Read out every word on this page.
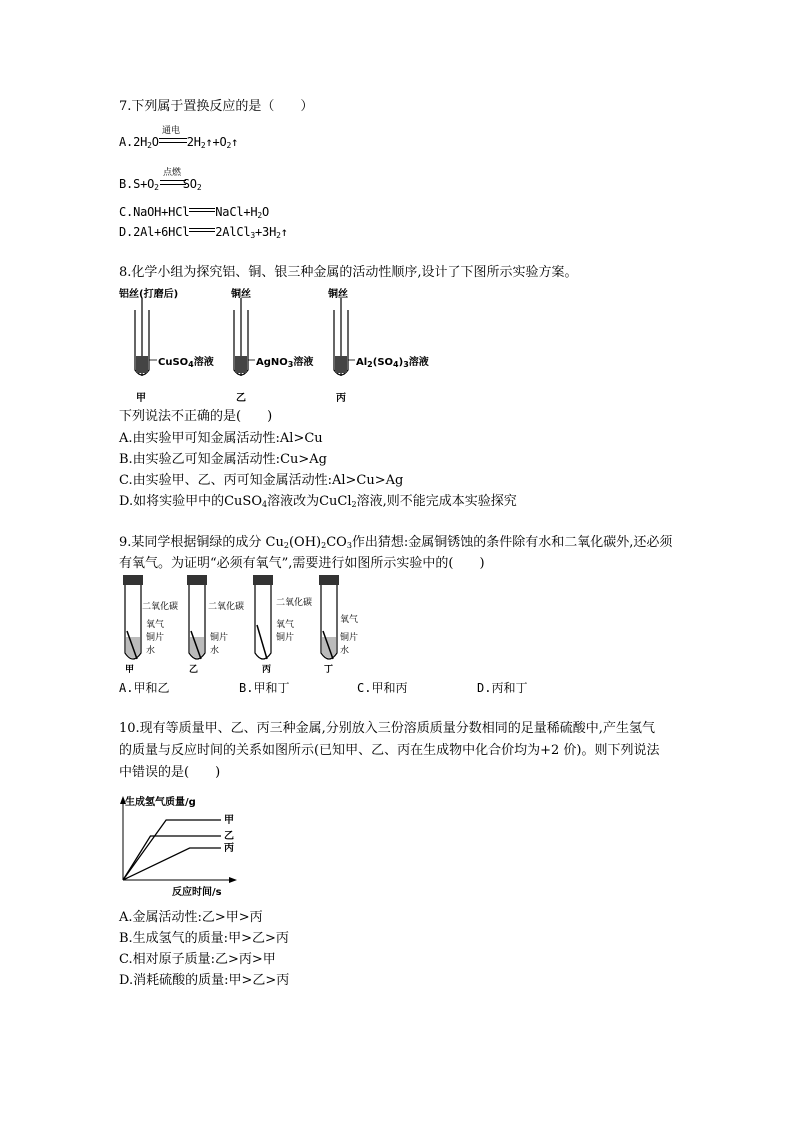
7.下列属于置换反应的是（　　）
$A.2H_2O$ $2H_2↑+O_2↑$
通电
$B.S+O_2$ $SO_2$
点燃
C.NaOH+HCl $NaCl+H_2O$
D.2Al+6HCl $2AlCl_3+3H_2↑$
8.化学小组为探究铝、铜、银三种金属的活动性顺序,设计了下图所示实验方案。
铝丝(打磨后)	铜丝	铜丝
CuSO$_4$溶液	AgNO$_3$溶液	$Al_2(SO_4)_3$溶液
甲	乙	丙
下列说法不正确的是(　　)
A.由实验甲可知金属活动性:Al>Cu
B.由实验乙可知金属活动性:Cu>Ag
C.由实验甲、乙、丙可知金属活动性:Al>Cu>Ag
D.如将实验甲中的CuSO$_4$溶液改为CuCl$_2$溶液,则不能完成本实验探究
9.某同学根据铜绿的成分 $Cu_2(OH)_2CO_3$作出猜想:金属铜锈蚀的条件除有水和二氧化碳外,还必须
有氧气。为证明“必须有氧气”,需要进行如图所示实验中的(　　)
二氧化碳
氧气
铜片
水
二氧化碳
铜片
水
二氧化碳
氧气
铜片
氧气
铜片
水
甲	乙	丙	丁
A.甲和乙	B.甲和丁	C.甲和丙	D.丙和丁
10.现有等质量甲、乙、丙三种金属,分别放入三份溶质质量分数相同的足量稀硫酸中,产生氢气
的质量与反应时间的关系如图所示(已知甲、乙、丙在生成物中化合价均为+2 价)。则下列说法
中错误的是(　　)
甲
乙
丙
生成氢气质量/g
反应时间/s
A.金属活动性:乙>甲>丙
B.生成氢气的质量:甲>乙>丙
C.相对原子质量:乙>丙>甲
D.消耗硫酸的质量:甲>乙>丙
